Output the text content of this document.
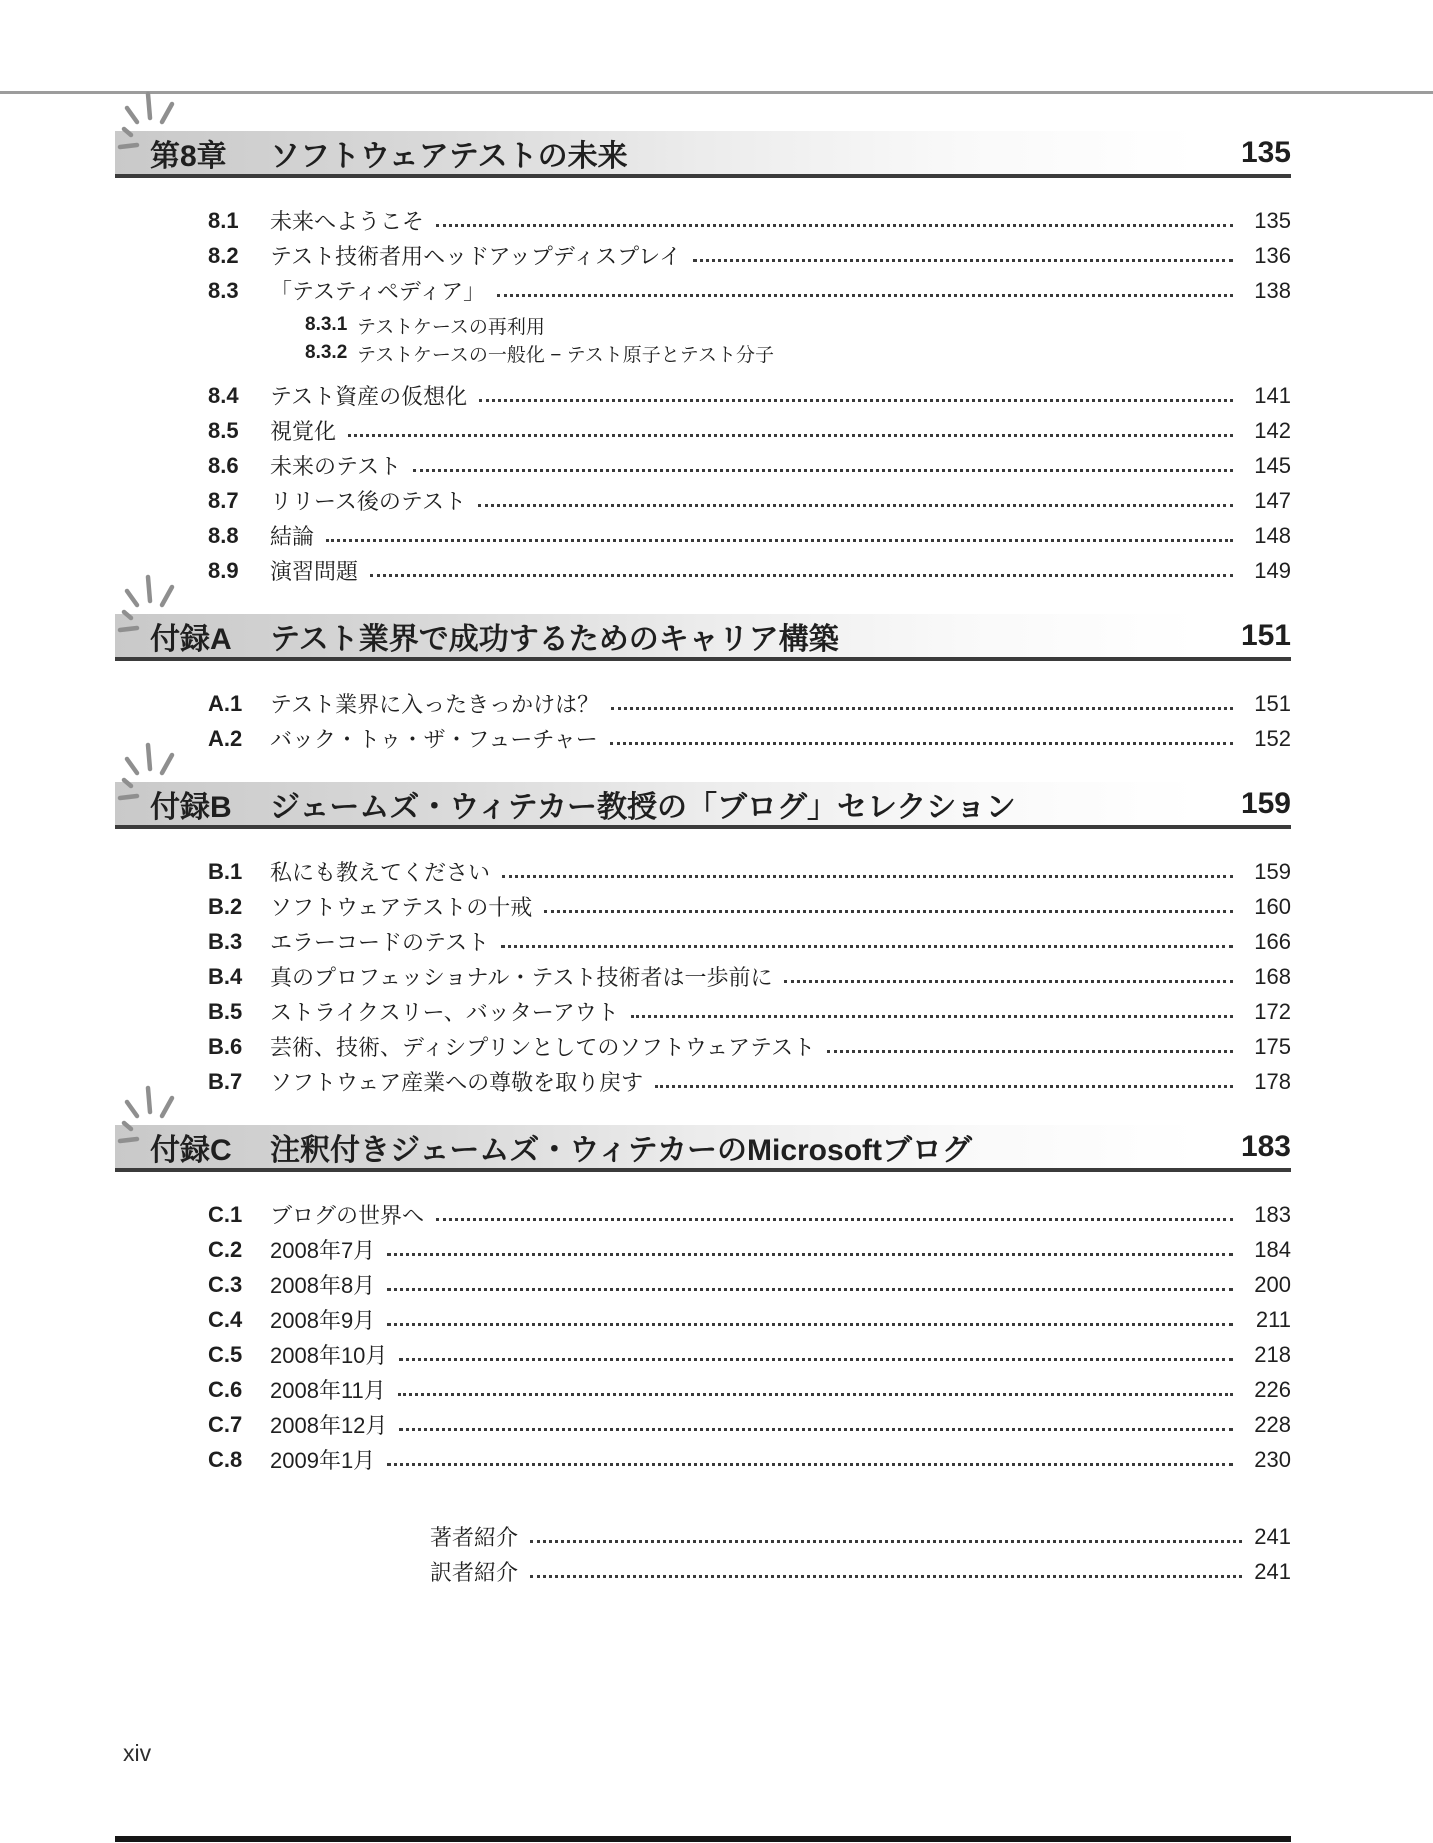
第8章	ソフトウェアテストの未来	135
8.1	未来へようこそ	135
8.2	テスト技術者用ヘッドアップディスプレイ	136
8.3	「テスティペディア」	138
8.3.1 テストケースの再利用
8.3.2 テストケースの一般化 − テスト原子とテスト分子
8.4	テスト資産の仮想化	141
8.5	視覚化	142
8.6	未来のテスト	145
8.7	リリース後のテスト	147
8.8	結論	148
8.9	演習問題	149
付録A	テスト業界で成功するためのキャリア構築	151
A.1	テスト業界に入ったきっかけは？	151
A.2	バック・トゥ・ザ・フューチャー	152
付録B	ジェームズ・ウィテカー教授の「ブログ」セレクション	159
B.1	私にも教えてください	159
B.2	ソフトウェアテストの十戒	160
B.3	エラーコードのテスト	166
B.4	真のプロフェッショナル・テスト技術者は一歩前に	168
B.5	ストライクスリー、バッターアウト	172
B.6	芸術、技術、ディシプリンとしてのソフトウェアテスト	175
B.7	ソフトウェア産業への尊敬を取り戻す	178
付録C	注釈付きジェームズ・ウィテカーのMicrosoftブログ	183
C.1	ブログの世界へ	183
C.2	2008年7月	184
C.3	2008年8月	200
C.4	2008年9月	211
C.5	2008年10月	218
C.6	2008年11月	226
C.7	2008年12月	228
C.8	2009年1月	230
著者紹介	241
訳者紹介	241
xiv
